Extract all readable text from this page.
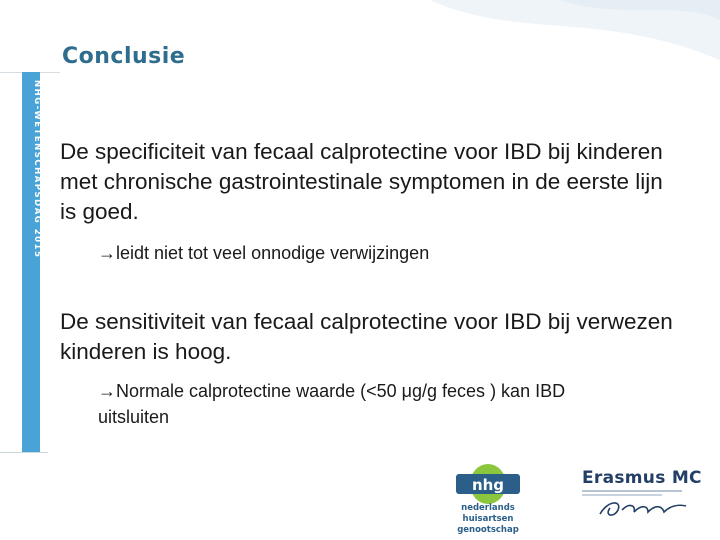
NHG-WETENSCHAPSDAG 2015
Conclusie
De specificiteit van fecaal calprotectine voor IBD bij kinderen met chronische gastrointestinale symptomen in de eerste lijn is goed.
→leidt niet tot veel onnodige verwijzingen
De sensitiviteit van fecaal calprotectine voor IBD bij verwezen kinderen is hoog.
→Normale calprotectine waarde (<50 μg/g feces ) kan IBD uitsluiten
nhg
nederlands huisartsen
genootschap
Erasmus MC
